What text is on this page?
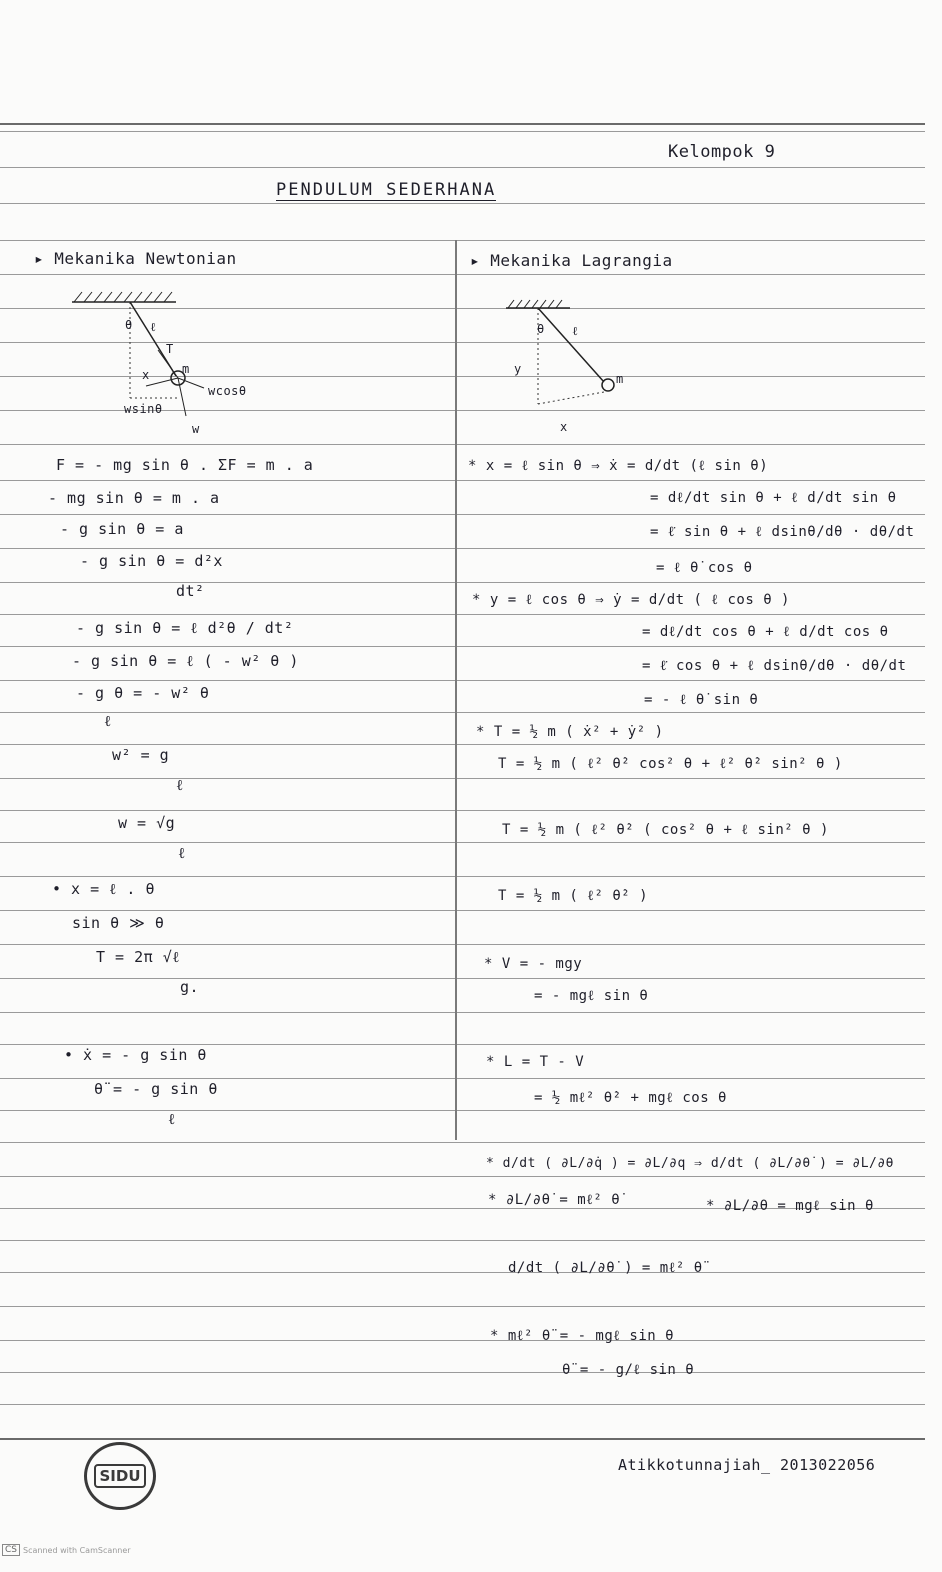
Kelompok 9
PENDULUM SEDERHANA
▸ Mekanika Newtonian
θ ℓ
T
m
x
wcosθ
wsinθ
w
F = - mg sin θ . ΣF = m . a
- mg sin θ = m . a
- g sin θ = a
- g sin θ = d²x
dt²
- g sin θ = ℓ d²θ / dt²
- g sin θ = ℓ ( - w² θ )
- g θ = - w² θ
ℓ
w² = g
ℓ
w = √g
ℓ
• x = ℓ . θ
sin θ ≫ θ
T = 2π √ℓ
g.
• ẋ = - g sin θ
θ̈ = - g sin θ
ℓ
▸ Mekanika Lagrangia
θ ℓ
y
m
x
* x = ℓ sin θ ⇒ ẋ = d/dt (ℓ sin θ)
= dℓ/dt sin θ + ℓ d/dt sin θ
= ℓ̇ sin θ + ℓ dsinθ/dθ · dθ/dt
= ℓ θ̇ cos θ
* y = ℓ cos θ ⇒ ẏ = d/dt ( ℓ cos θ )
= dℓ/dt cos θ + ℓ d/dt cos θ
= ℓ̇ cos θ + ℓ dsinθ/dθ · dθ/dt
= - ℓ θ̇ sin θ
* T = ½ m ( ẋ² + ẏ² )
T = ½ m ( ℓ² θ̇² cos² θ + ℓ² θ̇² sin² θ )
T = ½ m ( ℓ² θ̇² ( cos² θ + ℓ sin² θ )
T = ½ m ( ℓ² θ̇² )
* V = - mgy
= - mgℓ sin θ
* L = T - V
= ½ mℓ² θ̇² + mgℓ cos θ
* d/dt ( ∂L/∂q̇ ) = ∂L/∂q ⇒ d/dt ( ∂L/∂θ̇ ) = ∂L/∂θ
* ∂L/∂θ̇ = mℓ² θ̇	* ∂L/∂θ = mgℓ sin θ
d/dt ( ∂L/∂θ̇ ) = mℓ² θ̈
* mℓ² θ̈ = - mgℓ sin θ
θ̈ = - g/ℓ sin θ
SIDU
Atikkotunnajiah_ 2013022056
CS Scanned with CamScanner
